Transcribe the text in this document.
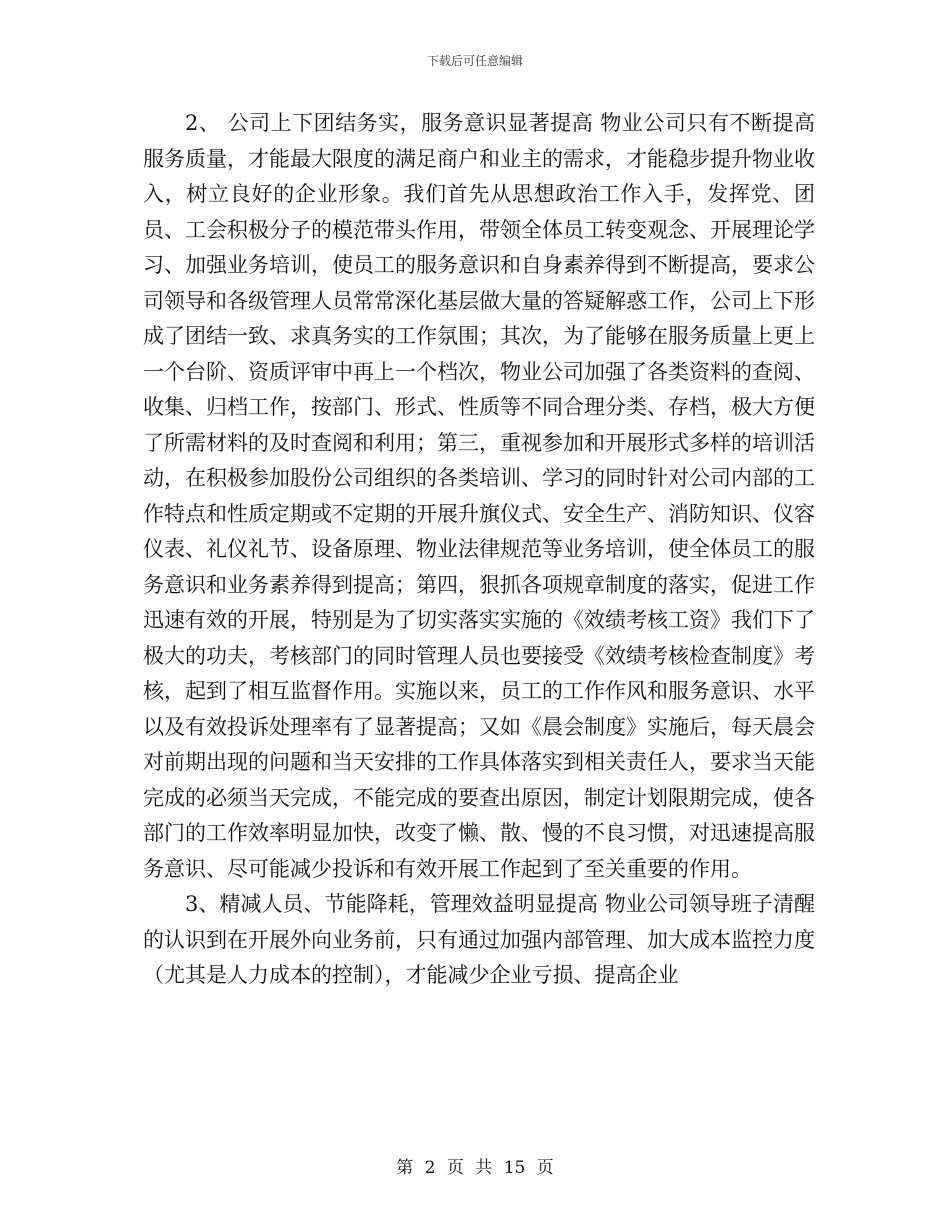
下载后可任意编辑

2、 公司上下团结务实，服务意识显著提高 物业公司只有不断提高服务质量，才能最大限度的满足商户和业主的需求，才能稳步提升物业收入，树立良好的企业形象。我们首先从思想政治工作入手，发挥党、团员、工会积极分子的模范带头作用，带领全体员工转变观念、开展理论学习、加强业务培训，使员工的服务意识和自身素养得到不断提高，要求公司领导和各级管理人员常常深化基层做大量的答疑解惑工作，公司上下形成了团结一致、求真务实的工作氛围；其次，为了能够在服务质量上更上一个台阶、资质评审中再上一个档次，物业公司加强了各类资料的查阅、收集、归档工作，按部门、形式、性质等不同合理分类、存档，极大方便了所需材料的及时查阅和利用；第三，重视参加和开展形式多样的培训活动，在积极参加股份公司组织的各类培训、学习的同时针对公司内部的工作特点和性质定期或不定期的开展升旗仪式、安全生产、消防知识、仪容仪表、礼仪礼节、设备原理、物业法律规范等业务培训，使全体员工的服务意识和业务素养得到提高；第四，狠抓各项规章制度的落实，促进工作迅速有效的开展，特别是为了切实落实实施的《效绩考核工资》我们下了极大的功夫，考核部门的同时管理人员也要接受《效绩考核检查制度》考核，起到了相互监督作用。实施以来，员工的工作作风和服务意识、水平以及有效投诉处理率有了显著提高；又如《晨会制度》实施后，每天晨会对前期出现的问题和当天安排的工作具体落实到相关责任人，要求当天能完成的必须当天完成，不能完成的要查出原因，制定计划限期完成，使各部门的工作效率明显加快，改变了懒、散、慢的不良习惯，对迅速提高服务意识、尽可能减少投诉和有效开展工作起到了至关重要的作用。

3、精减人员、节能降耗，管理效益明显提高 物业公司领导班子清醒的认识到在开展外向业务前，只有通过加强内部管理、加大成本监控力度（尤其是人力成本的控制），才能减少企业亏损、提高企业

第 2 页 共 15 页
